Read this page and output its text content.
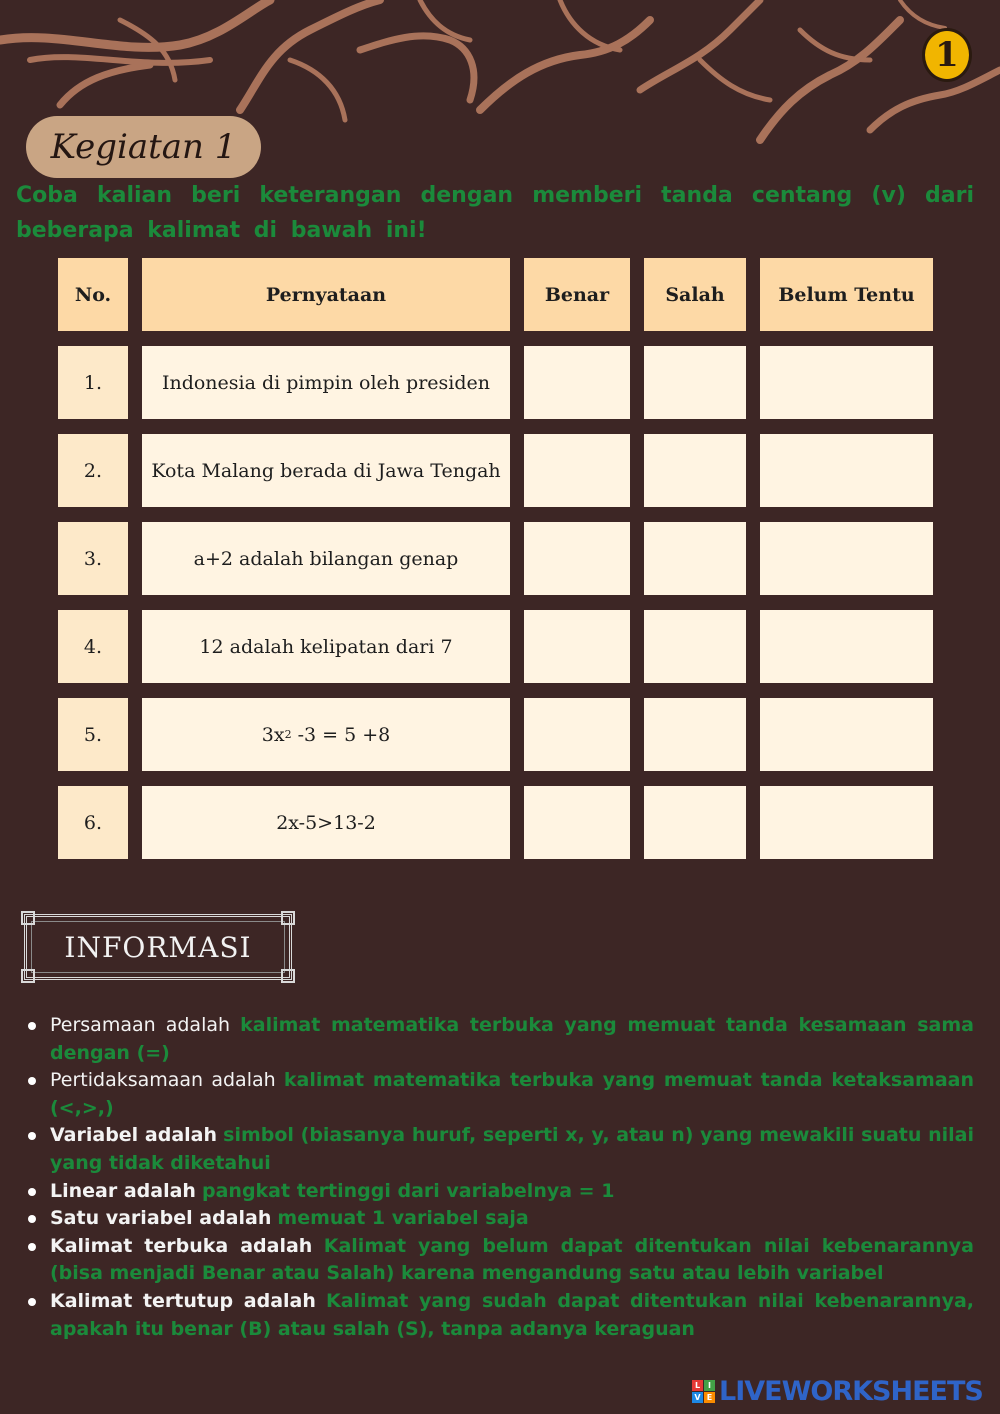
1
Kegiatan 1
Coba kalian beri keterangan dengan memberi tanda centang (v) dari beberapa kalimat di bawah ini!
No.	Pernyataan	Benar	Salah	Belum Tentu
1.	Indonesia di pimpin oleh presiden
2.	Kota Malang berada di Jawa Tengah
3.	a+2 adalah bilangan genap
4.	12 adalah kelipatan dari 7
5.	3x 2 -3 = 5 +8
6.	2x-5>13-2
INFORMASI
Persamaan adalah kalimat matematika terbuka yang memuat tanda kesamaan sama dengan (=)
Pertidaksamaan adalah kalimat matematika terbuka yang memuat tanda ketaksamaan (<,>,)
Variabel adalah simbol (biasanya huruf, seperti x, y, atau n) yang mewakili suatu nilai yang tidak diketahui
Linear adalah pangkat tertinggi dari variabelnya = 1
Satu variabel adalah memuat 1 variabel saja
Kalimat terbuka adalah Kalimat yang belum dapat ditentukan nilai kebenarannya (bisa menjadi Benar atau Salah) karena mengandung satu atau lebih variabel
Kalimat tertutup adalah Kalimat yang sudah dapat ditentukan nilai kebenarannya, apakah itu benar (B) atau salah (S), tanpa adanya keraguan
L I
V E LIVEWORKSHEETS
